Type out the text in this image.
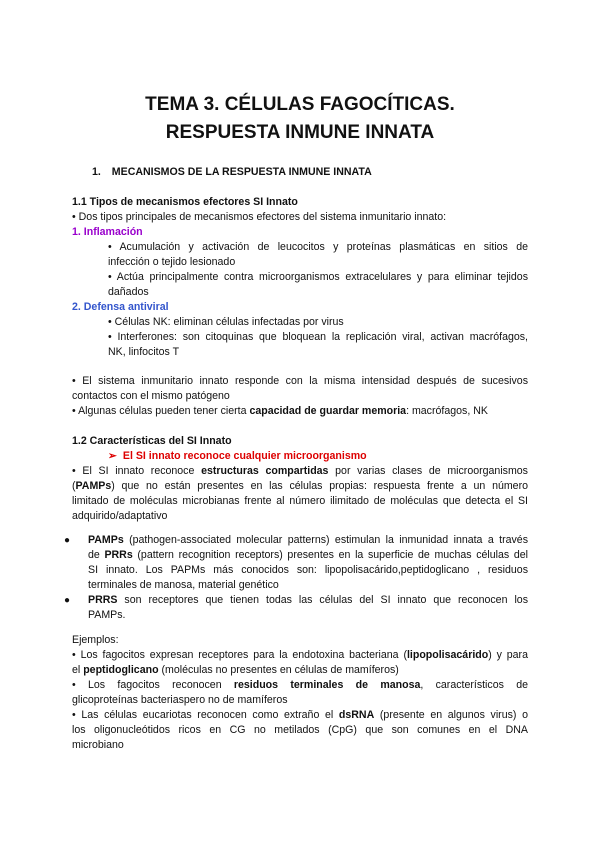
TEMA 3. CÉLULAS FAGOCÍTICAS.
RESPUESTA INMUNE INNATA
1. MECANISMOS DE LA RESPUESTA INMUNE INNATA
1.1 Tipos de mecanismos efectores SI Innato
• Dos tipos principales de mecanismos efectores del sistema inmunitario innato:
1. Inflamación
• Acumulación y activación de leucocitos y proteínas plasmáticas en sitios de
infección o tejido lesionado
• Actúa principalmente contra microorganismos extracelulares y para eliminar tejidos
dañados
2. Defensa antiviral
• Células NK: eliminan células infectadas por virus
• Interferones: son citoquinas que bloquean la replicación viral, activan macrófagos,
NK, linfocitos T
• El sistema inmunitario innato responde con la misma intensidad después de sucesivos
contactos con el mismo patógeno
• Algunas células pueden tener cierta capacidad de guardar memoria: macrófagos, NK
1.2 Características del SI Innato
➢ El SI innato reconoce cualquier microorganismo
• El SI innato reconoce estructuras compartidas por varias clases de microorganismos
(PAMPs) que no están presentes en las células propias: respuesta frente a un número
limitado de moléculas microbianas frente al número ilimitado de moléculas que detecta el SI
adquirido/adaptativo
● PAMPs (pathogen-associated molecular patterns) estimulan la inmunidad innata a través
de PRRs (pattern recognition receptors) presentes en la superficie de muchas células del
SI innato. Los PAPMs más conocidos son: lipopolisacárido,peptidoglicano , residuos
terminales de manosa, material genético
● PRRS son receptores que tienen todas las células del SI innato que reconocen los
PAMPs.
Ejemplos:
• Los fagocitos expresan receptores para la endotoxina bacteriana (lipopolisacárido) y para
el peptidoglicano (moléculas no presentes en células de mamíferos)
• Los fagocitos reconocen residuos terminales de manosa, característicos de
glicoproteínas bacteriaspero no de mamíferos
• Las células eucariotas reconocen como extraño el dsRNA (presente en algunos virus) o
los oligonucleótidos ricos en CG no metilados (CpG) que son comunes en el DNA
microbiano
